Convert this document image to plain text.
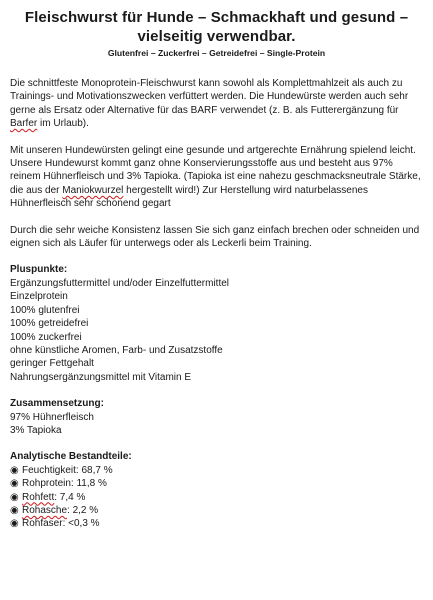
Fleischwurst für Hunde – Schmackhaft und gesund – vielseitig verwendbar.
Glutenfrei – Zuckerfrei – Getreidefrei – Single-Protein

Die schnittfeste Monoprotein-Fleischwurst kann sowohl als Komplettmahlzeit als auch zu Trainings- und Motivationszwecken verfüttert werden. Die Hundewürste werden auch sehr gerne als Ersatz oder Alternative für das BARF verwendet (z. B. als Futterergänzung für Barfer im Urlaub).

Mit unseren Hundewürsten gelingt eine gesunde und artgerechte Ernährung spielend leicht. Unsere Hundewurst kommt ganz ohne Konservierungsstoffe aus und besteht aus 97% reinem Hühnerfleisch und 3% Tapioka. (Tapioka ist eine nahezu geschmacksneutrale Stärke, die aus der Maniokwurzel hergestellt wird!) Zur Herstellung wird naturbelassenes Hühnerfleisch sehr schonend gegart

Durch die sehr weiche Konsistenz lassen Sie sich ganz einfach brechen oder schneiden und eignen sich als Läufer für unterwegs oder als Leckerli beim Training.

Pluspunkte:
Ergänzungsfuttermittel und/oder Einzelfuttermittel
Einzelprotein
100% glutenfrei
100% getreidefrei
100% zuckerfrei
ohne künstliche Aromen, Farb- und Zusatzstoffe
geringer Fettgehalt
Nahrungsergänzungsmittel mit Vitamin E
Zusammensetzung:
97% Hühnerfleisch
3% Tapioka
Analytische Bestandteile:
◉ Feuchtigkeit: 68,7 %
◉ Rohprotein: 11,8 %
◉ Rohfett: 7,4 %
◉ Rohasche: 2,2 %
◉ Rohfaser: <0,3 %
